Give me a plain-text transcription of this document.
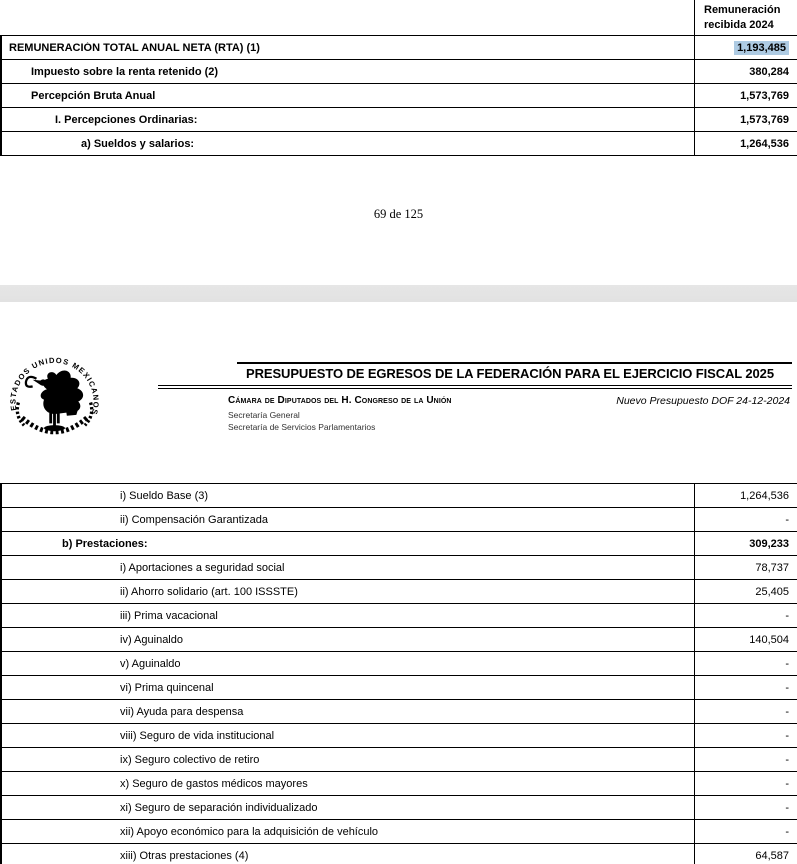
Remuneración recibida 2024
REMUNERACIÓN TOTAL ANUAL NETA (RTA) (1)	1,193,485
Impuesto sobre la renta retenido (2)	380,284
Percepción Bruta Anual	1,573,769
I. Percepciones Ordinarias:	1,573,769
a) Sueldos y salarios:	1,264,536
69 de 125
ESTADOS UNIDOS MEXICANOS
PRESUPUESTO DE EGRESOS DE LA FEDERACIÓN PARA EL EJERCICIO FISCAL 2025
Cámara de Diputados del H. Congreso de la Unión	Nuevo Presupuesto DOF 24-12-2024
Secretaría General
Secretaría de Servicios Parlamentarios
i) Sueldo Base (3)	1,264,536
ii) Compensación Garantizada	-
b) Prestaciones:	309,233
i) Aportaciones a seguridad social	78,737
ii) Ahorro solidario (art. 100 ISSSTE)	25,405
iii) Prima vacacional	-
iv) Aguinaldo	140,504
v) Aguinaldo	-
vi) Prima quincenal	-
vii) Ayuda para despensa	-
viii) Seguro de vida institucional	-
ix) Seguro colectivo de retiro	-
x) Seguro de gastos médicos mayores	-
xi) Seguro de separación individualizado	-
xii) Apoyo económico para la adquisición de vehículo	-
xiii) Otras prestaciones (4)	64,587
